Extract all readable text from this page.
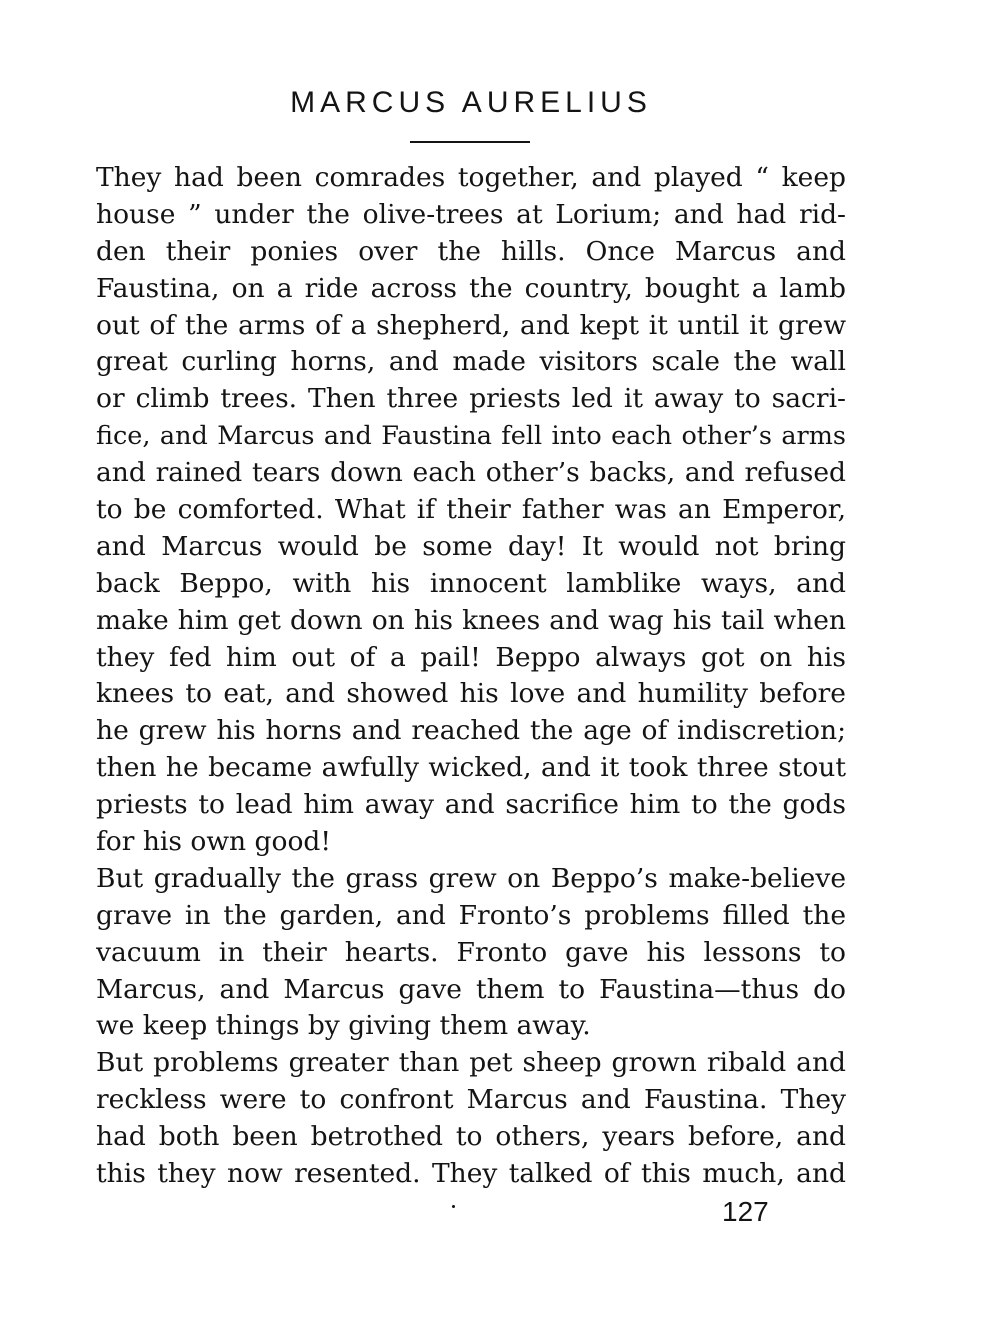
MARCUS AURELIUS
They had been comrades together, and played “ keep
house ” under the olive-trees at Lorium; and had rid-
den their ponies over the hills. Once Marcus and
Faustina, on a ride across the country, bought a lamb
out of the arms of a shepherd, and kept it until it grew
great curling horns, and made visitors scale the wall
or climb trees. Then three priests led it away to sacri-
fice, and Marcus and Faustina fell into each other’s arms
and rained tears down each other’s backs, and refused
to be comforted. What if their father was an Emperor,
and Marcus would be some day! It would not bring
back Beppo, with his innocent lamblike ways, and
make him get down on his knees and wag his tail when
they fed him out of a pail! Beppo always got on his
knees to eat, and showed his love and humility before
he grew his horns and reached the age of indiscretion;
then he became awfully wicked, and it took three stout
priests to lead him away and sacrifice him to the gods
for his own good!
But gradually the grass grew on Beppo’s make-believe
grave in the garden, and Fronto’s problems filled the
vacuum in their hearts. Fronto gave his lessons to
Marcus, and Marcus gave them to Faustina—thus do
we keep things by giving them away.
But problems greater than pet sheep grown ribald and
reckless were to confront Marcus and Faustina. They
had both been betrothed to others, years before, and
this they now resented. They talked of this much, and
127
